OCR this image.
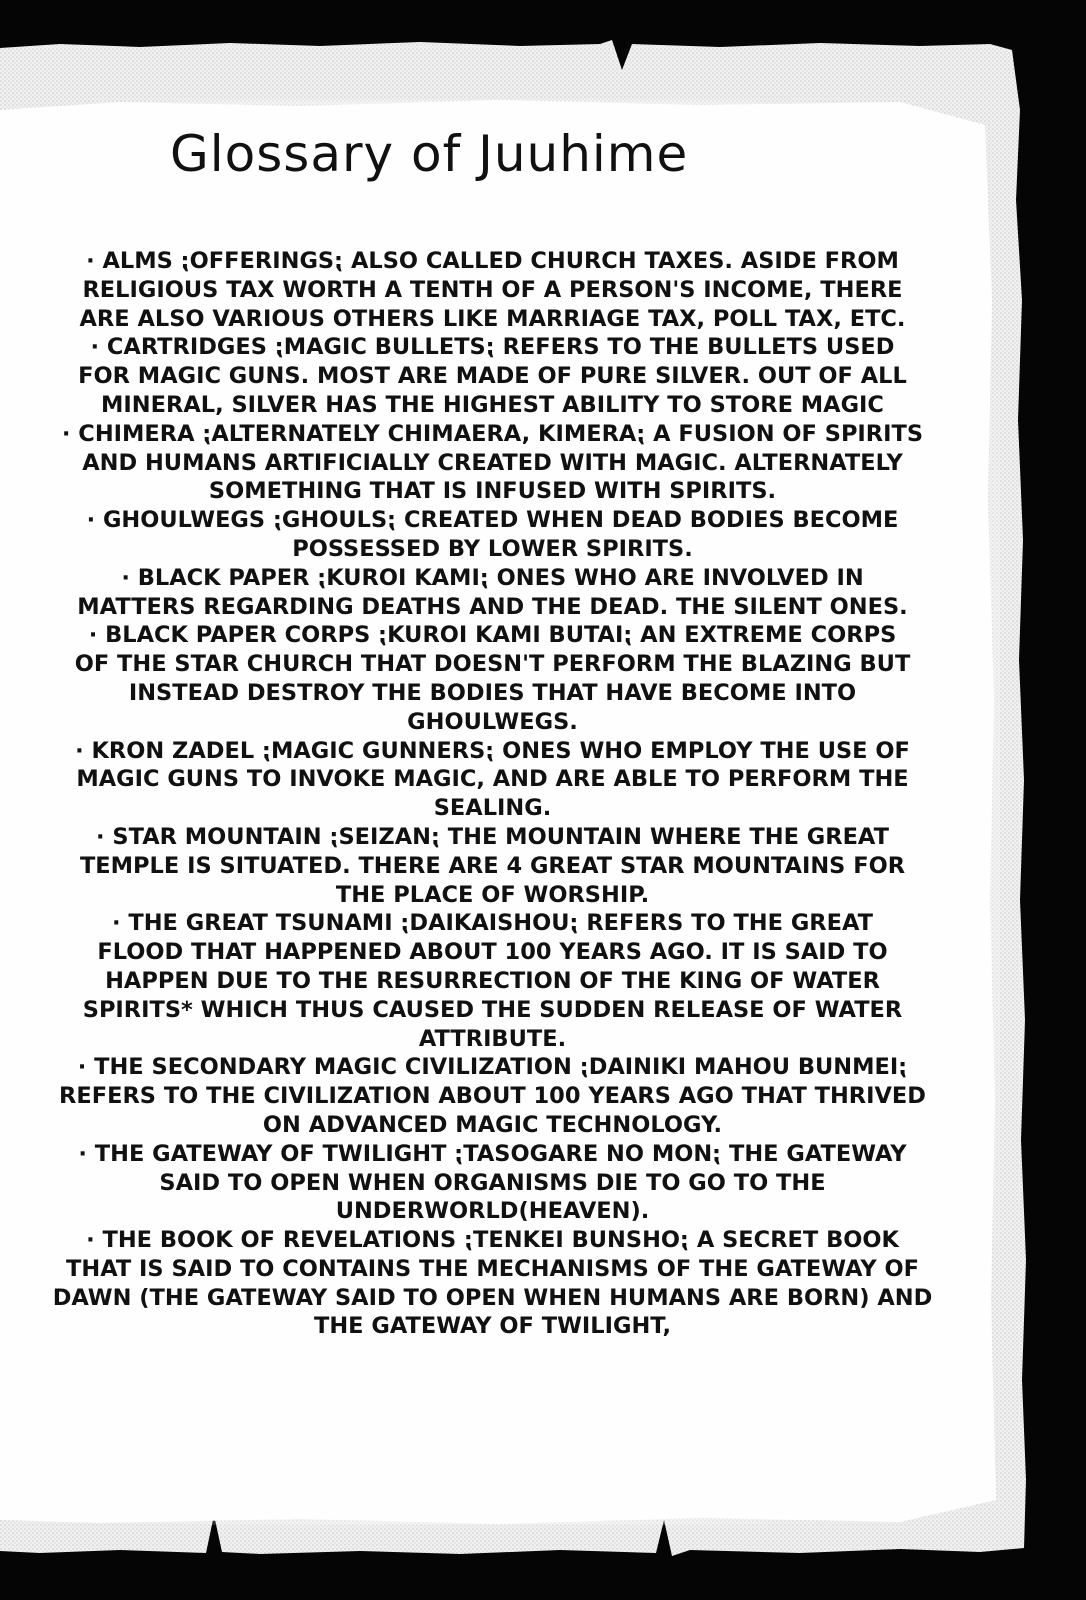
Glossary of Juuhime
· ALMS ⁏OFFERINGS⁏ ALSO CALLED CHURCH TAXES. ASIDE FROM
RELIGIOUS TAX WORTH A TENTH OF A PERSON'S INCOME, THERE
ARE ALSO VARIOUS OTHERS LIKE MARRIAGE TAX, POLL TAX, ETC.
· CARTRIDGES ⁏MAGIC BULLETS⁏ REFERS TO THE BULLETS USED
FOR MAGIC GUNS. MOST ARE MADE OF PURE SILVER. OUT OF ALL
MINERAL, SILVER HAS THE HIGHEST ABILITY TO STORE MAGIC
· CHIMERA ⁏ALTERNATELY CHIMAERA, KIMERA⁏ A FUSION OF SPIRITS
AND HUMANS ARTIFICIALLY CREATED WITH MAGIC. ALTERNATELY
SOMETHING THAT IS INFUSED WITH SPIRITS.
· GHOULWEGS ⁏GHOULS⁏ CREATED WHEN DEAD BODIES BECOME
POSSESSED BY LOWER SPIRITS.
· BLACK PAPER ⁏KUROI KAMI⁏ ONES WHO ARE INVOLVED IN
MATTERS REGARDING DEATHS AND THE DEAD. THE SILENT ONES.
· BLACK PAPER CORPS ⁏KUROI KAMI BUTAI⁏ AN EXTREME CORPS
OF THE STAR CHURCH THAT DOESN'T PERFORM THE BLAZING BUT
INSTEAD DESTROY THE BODIES THAT HAVE BECOME INTO
GHOULWEGS.
· KRON ZADEL ⁏MAGIC GUNNERS⁏ ONES WHO EMPLOY THE USE OF
MAGIC GUNS TO INVOKE MAGIC, AND ARE ABLE TO PERFORM THE
SEALING.
· STAR MOUNTAIN ⁏SEIZAN⁏ THE MOUNTAIN WHERE THE GREAT
TEMPLE IS SITUATED. THERE ARE 4 GREAT STAR MOUNTAINS FOR
THE PLACE OF WORSHIP.
· THE GREAT TSUNAMI ⁏DAIKAISHOU⁏ REFERS TO THE GREAT
FLOOD THAT HAPPENED ABOUT 100 YEARS AGO. IT IS SAID TO
HAPPEN DUE TO THE RESURRECTION OF THE KING OF WATER
SPIRITS* WHICH THUS CAUSED THE SUDDEN RELEASE OF WATER
ATTRIBUTE.
· THE SECONDARY MAGIC CIVILIZATION ⁏DAINIKI MAHOU BUNMEI⁏
REFERS TO THE CIVILIZATION ABOUT 100 YEARS AGO THAT THRIVED
ON ADVANCED MAGIC TECHNOLOGY.
· THE GATEWAY OF TWILIGHT ⁏TASOGARE NO MON⁏ THE GATEWAY
SAID TO OPEN WHEN ORGANISMS DIE TO GO TO THE
UNDERWORLD(HEAVEN).
· THE BOOK OF REVELATIONS ⁏TENKEI BUNSHO⁏ A SECRET BOOK
THAT IS SAID TO CONTAINS THE MECHANISMS OF THE GATEWAY OF
DAWN (THE GATEWAY SAID TO OPEN WHEN HUMANS ARE BORN) AND
THE GATEWAY OF TWILIGHT,
